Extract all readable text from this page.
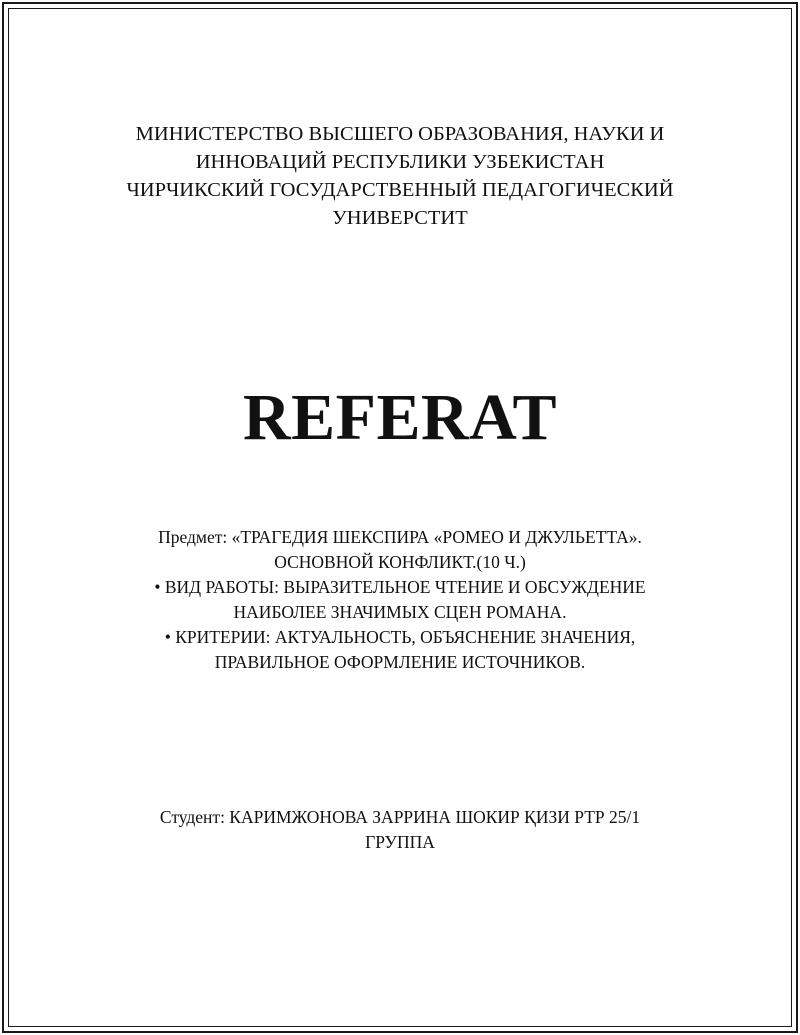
МИНИСТЕРСТВО ВЫСШЕГО ОБРАЗОВАНИЯ, НАУКИ И
ИННОВАЦИЙ РЕСПУБЛИКИ УЗБЕКИСТАН
ЧИРЧИКСКИЙ ГОСУДАРСТВЕННЫЙ ПЕДАГОГИЧЕСКИЙ
УНИВЕРСТИТ
REFERAT
Предмет: «ТРАГЕДИЯ ШЕКСПИРА «РОМЕО И ДЖУЛЬЕТТА».
ОСНОВНОЙ КОНФЛИКТ.(10 Ч.)
• ВИД РАБОТЫ: ВЫРАЗИТЕЛЬНОЕ ЧТЕНИЕ И ОБСУЖДЕНИЕ
НАИБОЛЕЕ ЗНАЧИМЫХ СЦЕН РОМАНА.
• КРИТЕРИИ: АКТУАЛЬНОСТЬ, ОБЪЯСНЕНИЕ ЗНАЧЕНИЯ,
ПРАВИЛЬНОЕ ОФОРМЛЕНИЕ ИСТОЧНИКОВ.
Студент: КАРИМЖОНОВА ЗАРРИНА ШОКИР ҚИЗИ РТР 25/1
ГРУППА
